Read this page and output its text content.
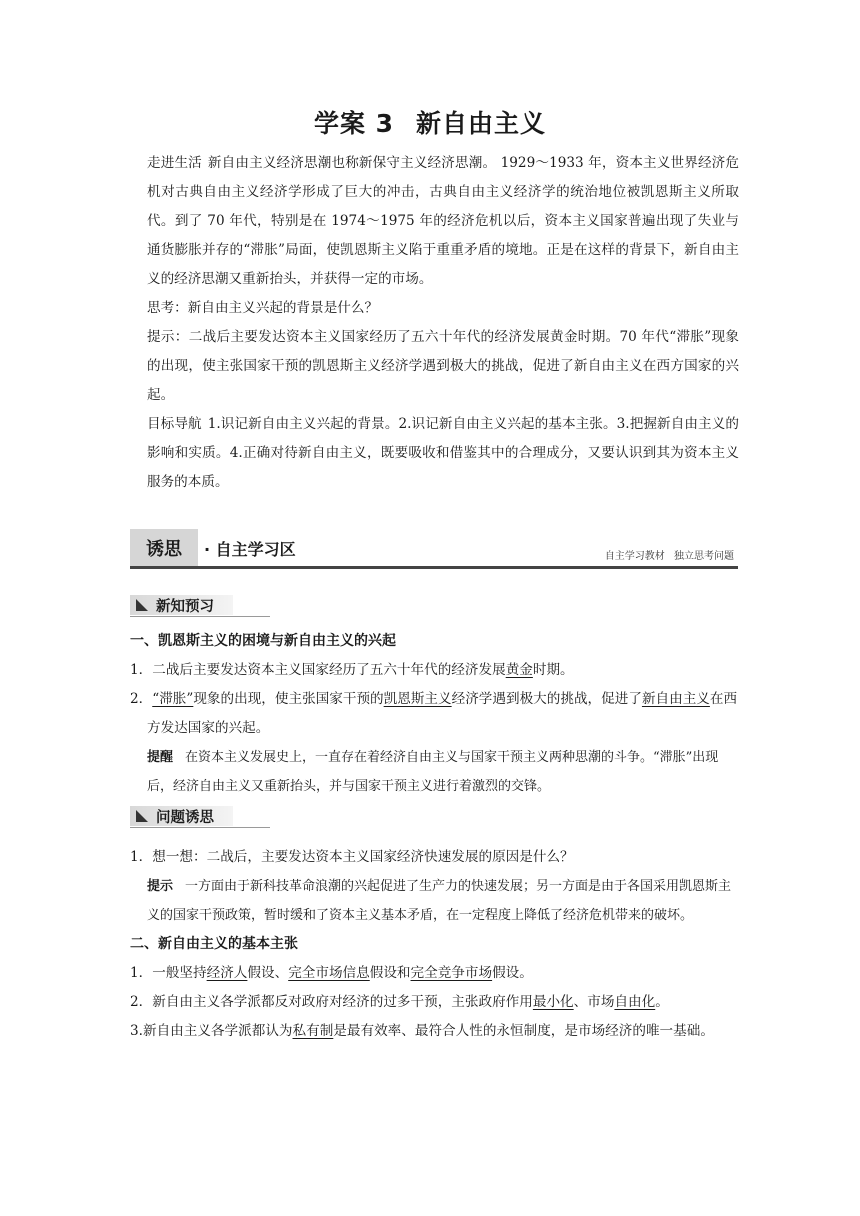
学案 3 新自由主义

走进生活 新自由主义经济思潮也称新保守主义经济思潮。 1929～1933 年，资本主义世界经济危机对古典自由主义经济学形成了巨大的冲击，古典自由主义经济学的统治地位被凯恩斯主义所取代。到了 70 年代，特别是在 1974～1975 年的经济危机以后，资本主义国家普遍出现了失业与通货膨胀并存的“滞胀”局面，使凯恩斯主义陷于重重矛盾的境地。正是在这样的背景下，新自由主义的经济思潮又重新抬头，并获得一定的市场。

思考：新自由主义兴起的背景是什么？

提示：二战后主要发达资本主义国家经历了五六十年代的经济发展黄金时期。70 年代“滞胀”现象的出现，使主张国家干预的凯恩斯主义经济学遇到极大的挑战，促进了新自由主义在西方国家的兴起。

目标导航 1.识记新自由主义兴起的背景。2.识记新自由主义兴起的基本主张。3.把握新自由主义的影响和实质。4.正确对待新自由主义，既要吸收和借鉴其中的合理成分，又要认识到其为资本主义服务的本质。

诱思	· 自主学习区	自主学习教材 独立思考问题
新知预习

一、凯恩斯主义的困境与新自由主义的兴起

1．二战后主要发达资本主义国家经历了五六十年代的经济发展黄金时期。

2．“滞胀”现象的出现，使主张国家干预的凯恩斯主义经济学遇到极大的挑战，促进了新自由主义在西方发达国家的兴起。

提醒 在资本主义发展史上，一直存在着经济自由主义与国家干预主义两种思潮的斗争。“滞胀”出现后，经济自由主义又重新抬头，并与国家干预主义进行着激烈的交锋。

问题诱思

1．想一想：二战后，主要发达资本主义国家经济快速发展的原因是什么？

提示 一方面由于新科技革命浪潮的兴起促进了生产力的快速发展；另一方面是由于各国采用凯恩斯主义的国家干预政策，暂时缓和了资本主义基本矛盾，在一定程度上降低了经济危机带来的破坏。

二、新自由主义的基本主张

1．一般坚持经济人假设、完全市场信息假设和完全竞争市场假设。

2．新自由主义各学派都反对政府对经济的过多干预，主张政府作用最小化、市场自由化。

3.新自由主义各学派都认为私有制是最有效率、最符合人性的永恒制度，是市场经济的唯一基础。
